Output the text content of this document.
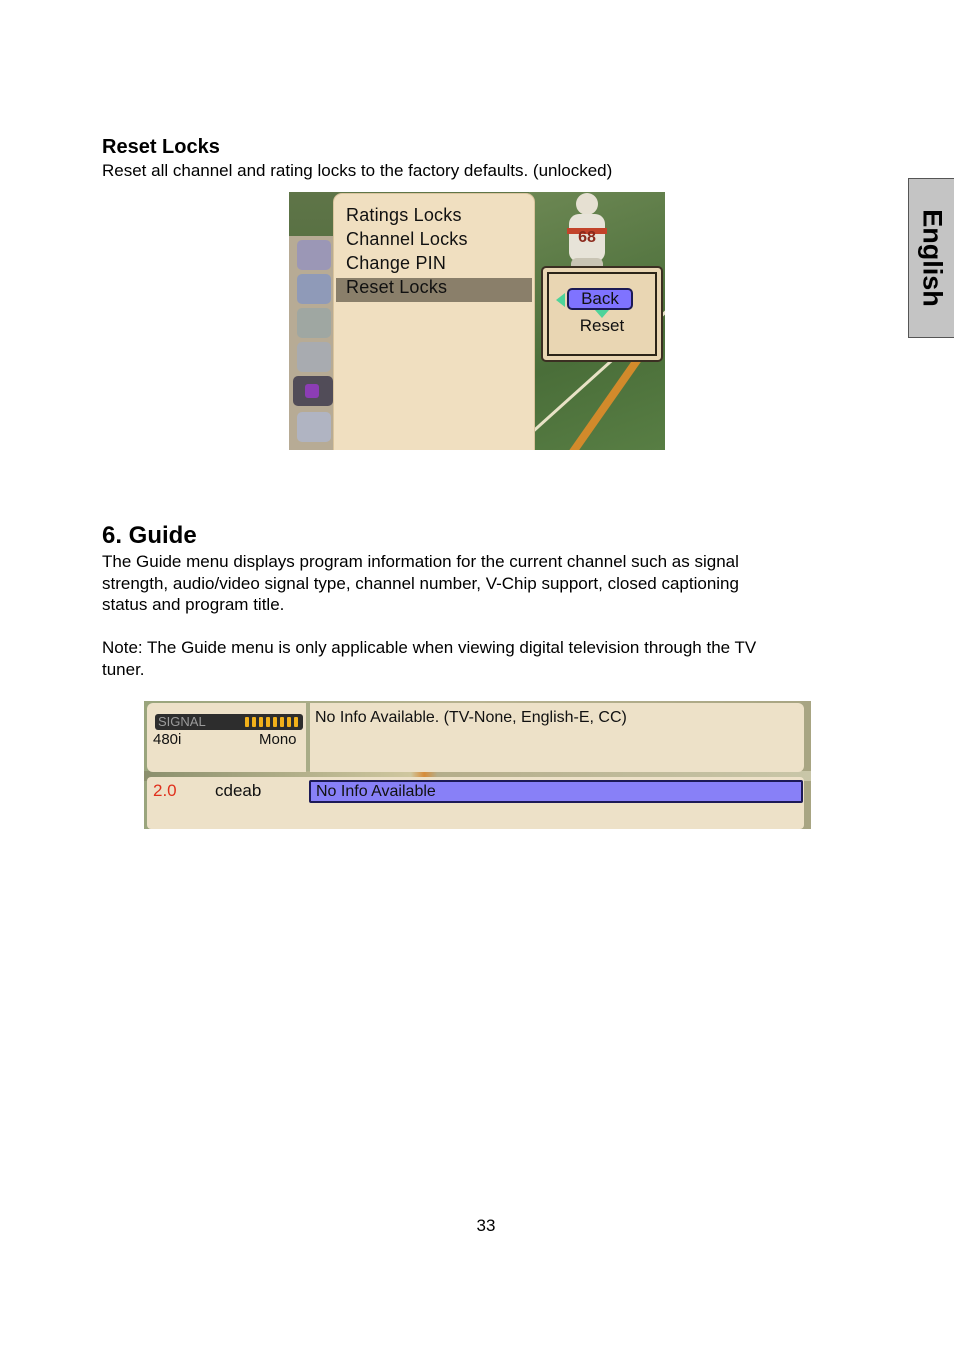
English
Reset Locks
Reset all channel and rating locks to the factory defaults. (unlocked)
68
Ratings Locks
Channel Locks
Change PIN
Reset Locks
Back
Reset
6. Guide
The Guide menu displays program information for the current channel such as signal
strength, audio/video signal type, channel number, V-Chip support, closed captioning
status and program title.
Note: The Guide menu is only applicable when viewing digital television through the TV
tuner.
SIGNAL
480i	Mono
No Info Available. (TV-None, English-E, CC)
2.0 cdeab	No Info Available
33
